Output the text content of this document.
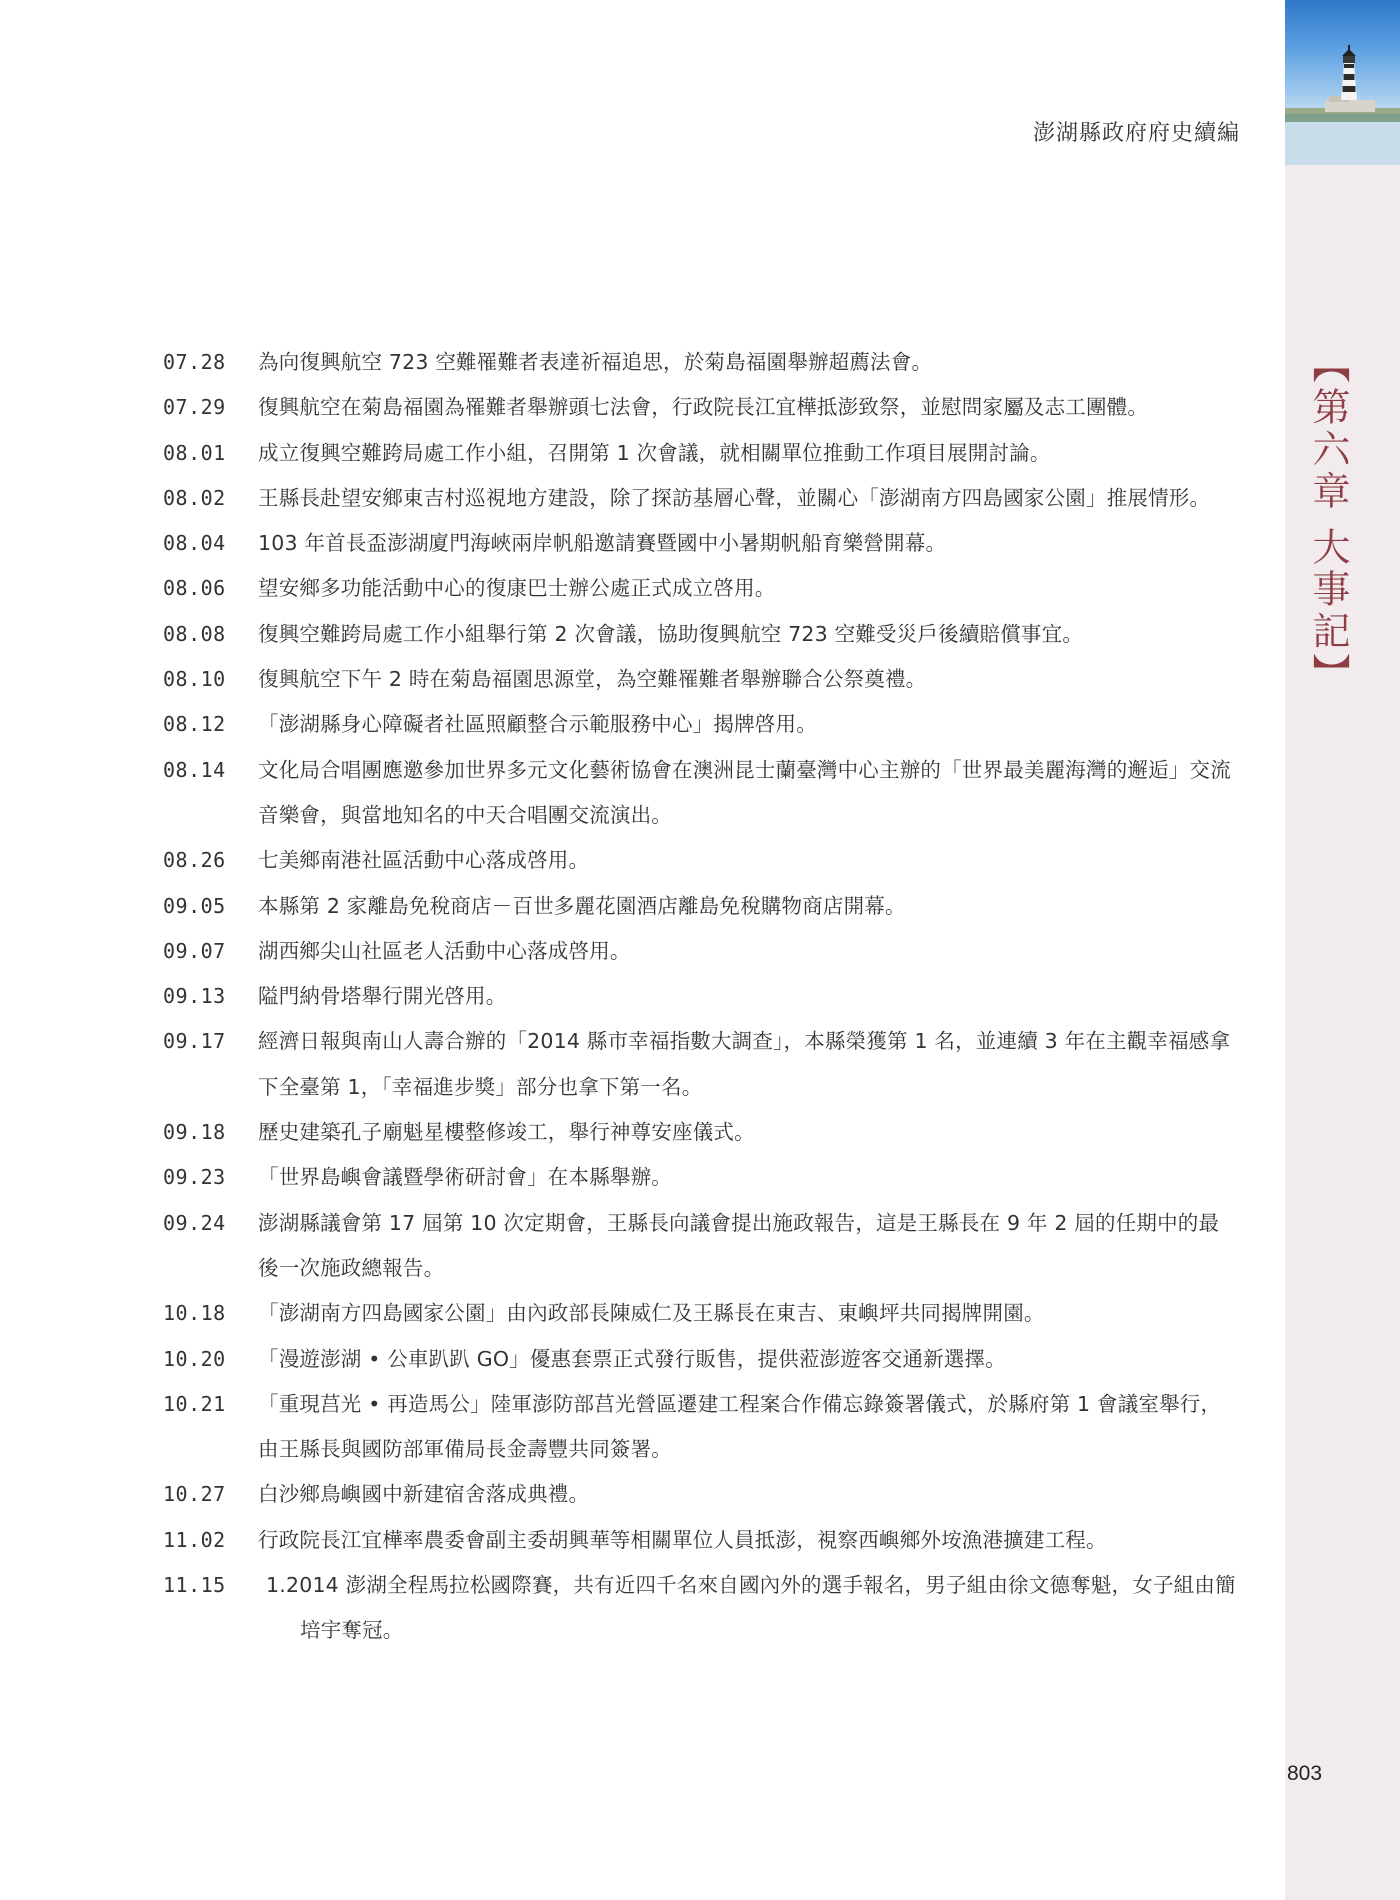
澎湖縣政府府史續編
【第六章大事記】
07.28	為向復興航空 723 空難罹難者表達祈福追思，於菊島福園舉辦超薦法會。
07.29	復興航空在菊島福園為罹難者舉辦頭七法會，行政院長江宜樺抵澎致祭，並慰問家屬及志工團體。
08.01	成立復興空難跨局處工作小組，召開第 1 次會議，就相關單位推動工作項目展開討論。
08.02	王縣長赴望安鄉東吉村巡視地方建設，除了探訪基層心聲，並關心「澎湖南方四島國家公園」推展情形。
08.04	103 年首長盃澎湖廈門海峽兩岸帆船邀請賽暨國中小暑期帆船育樂營開幕。
08.06	望安鄉多功能活動中心的復康巴士辦公處正式成立啓用。
08.08	復興空難跨局處工作小組舉行第 2 次會議，協助復興航空 723 空難受災戶後續賠償事宜。
08.10	復興航空下午 2 時在菊島福園思源堂，為空難罹難者舉辦聯合公祭奠禮。
08.12	「澎湖縣身心障礙者社區照顧整合示範服務中心」揭牌啓用。
08.14	文化局合唱團應邀參加世界多元文化藝術協會在澳洲昆士蘭臺灣中心主辦的「世界最美麗海灣的邂逅」交流音樂會，與當地知名的中天合唱團交流演出。
08.26	七美鄉南港社區活動中心落成啓用。
09.05	本縣第 2 家離島免稅商店－百世多麗花園酒店離島免稅購物商店開幕。
09.07	湖西鄉尖山社區老人活動中心落成啓用。
09.13	隘門納骨塔舉行開光啓用。
09.17	經濟日報與南山人壽合辦的「2014 縣市幸福指數大調查」，本縣榮獲第 1 名，並連續 3 年在主觀幸福感拿下全臺第 1，「幸福進步獎」部分也拿下第一名。
09.18	歷史建築孔子廟魁星樓整修竣工，舉行神尊安座儀式。
09.23	「世界島嶼會議暨學術研討會」在本縣舉辦。
09.24	澎湖縣議會第 17 屆第 10 次定期會，王縣長向議會提出施政報告，這是王縣長在 9 年 2 屆的任期中的最後一次施政總報告。
10.18	「澎湖南方四島國家公園」由內政部長陳威仁及王縣長在東吉、東嶼坪共同揭牌開園。
10.20	「漫遊澎湖 • 公車趴趴 GO」優惠套票正式發行販售，提供蒞澎遊客交通新選擇。
10.21	「重現莒光 • 再造馬公」陸軍澎防部莒光營區遷建工程案合作備忘錄簽署儀式，於縣府第 1 會議室舉行，由王縣長與國防部軍備局長金壽豐共同簽署。
10.27	白沙鄉鳥嶼國中新建宿舍落成典禮。
11.02	行政院長江宜樺率農委會副主委胡興華等相關單位人員抵澎，視察西嶼鄉外垵漁港擴建工程。
11.15	1.2014 澎湖全程馬拉松國際賽，共有近四千名來自國內外的選手報名，男子組由徐文德奪魁，女子組由簡培宇奪冠。
803
